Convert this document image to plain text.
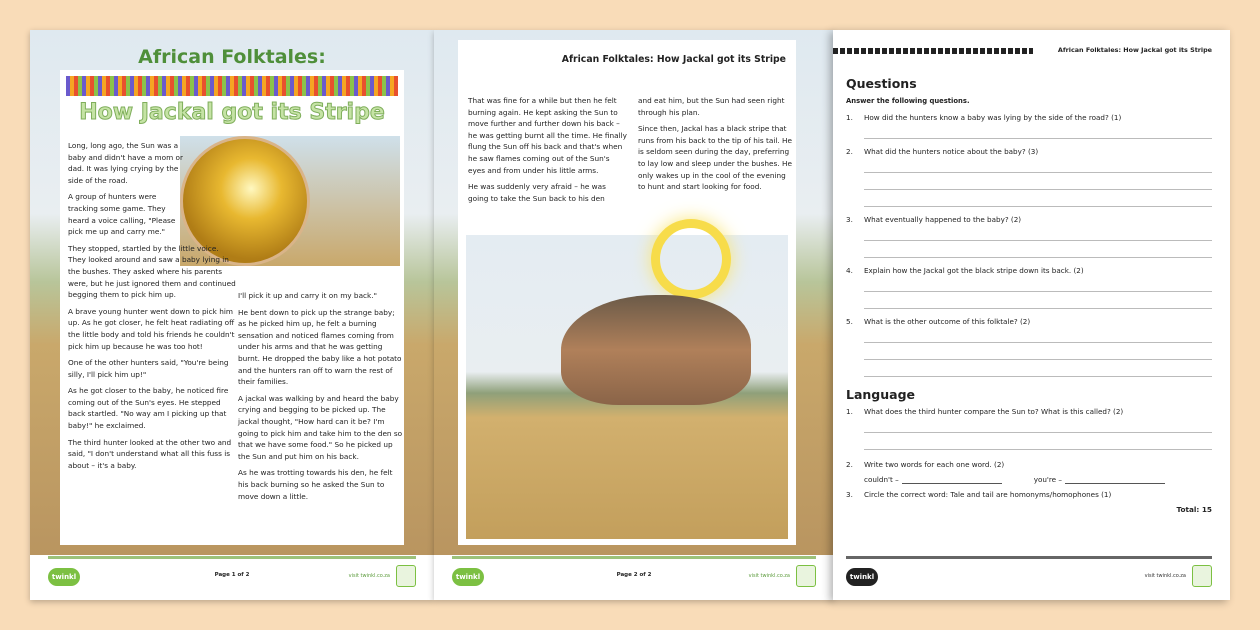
African Folktales:
How Jackal got its Stripe

Long, long ago, the Sun was a baby and didn't have a mom or dad. It was lying crying by the side of the road.

A group of hunters were tracking some game. They heard a voice calling, "Please pick me up and carry me."

They stopped, startled by the little voice. They looked around and saw a baby lying in the bushes. They asked where his parents were, but he just ignored them and continued begging them to pick him up.

A brave young hunter went down to pick him up. As he got closer, he felt heat radiating off the little body and told his friends he couldn't pick him up because he was too hot!

One of the other hunters said, "You're being silly, I'll pick him up!"

As he got closer to the baby, he noticed fire coming out of the Sun's eyes. He stepped back startled. "No way am I picking up that baby!" he exclaimed.

The third hunter looked at the other two and said, "I don't understand what all this fuss is about – it's a baby.

I'll pick it up and carry it on my back."

He bent down to pick up the strange baby; as he picked him up, he felt a burning sensation and noticed flames coming from under his arms and that he was getting burnt. He dropped the baby like a hot potato and the hunters ran off to warn the rest of their families.

A jackal was walking by and heard the baby crying and begging to be picked up. The jackal thought, "How hard can it be? I'm going to pick him and take him to the den so that we have some food." So he picked up the Sun and put him on his back.

As he was trotting towards his den, he felt his back burning so he asked the Sun to move down a little.

twinkl	Page 1 of 2	visit twinkl.co.za
African Folktales: How Jackal got its Stripe

That was fine for a while but then he felt burning again. He kept asking the Sun to move further and further down his back – he was getting burnt all the time. He finally flung the Sun off his back and that's when he saw flames coming out of the Sun's eyes and from under his little arms.

He was suddenly very afraid – he was going to take the Sun back to his den

and eat him, but the Sun had seen right through his plan.

Since then, Jackal has a black stripe that runs from his back to the tip of his tail. He is seldom seen during the day, preferring to lay low and sleep under the bushes. He only wakes up in the cool of the evening to hunt and start looking for food.

twinkl	Page 2 of 2	visit twinkl.co.za
African Folktales: How Jackal got its Stripe
Questions
Answer the following questions.
1. How did the hunters know a baby was lying by the side of the road? (1)
2. What did the hunters notice about the baby? (3)
3. What eventually happened to the baby? (2)
4. Explain how the Jackal got the black stripe down its back. (2)
5. What is the other outcome of this folktale? (2)
Language
1. What does the third hunter compare the Sun to? What is this called? (2)
2. Write two words for each one word. (2)
couldn't –	you're –
3. Circle the correct word: Tale and tail are homonyms/homophones (1)
Total: 15
twinkl	visit twinkl.co.za
